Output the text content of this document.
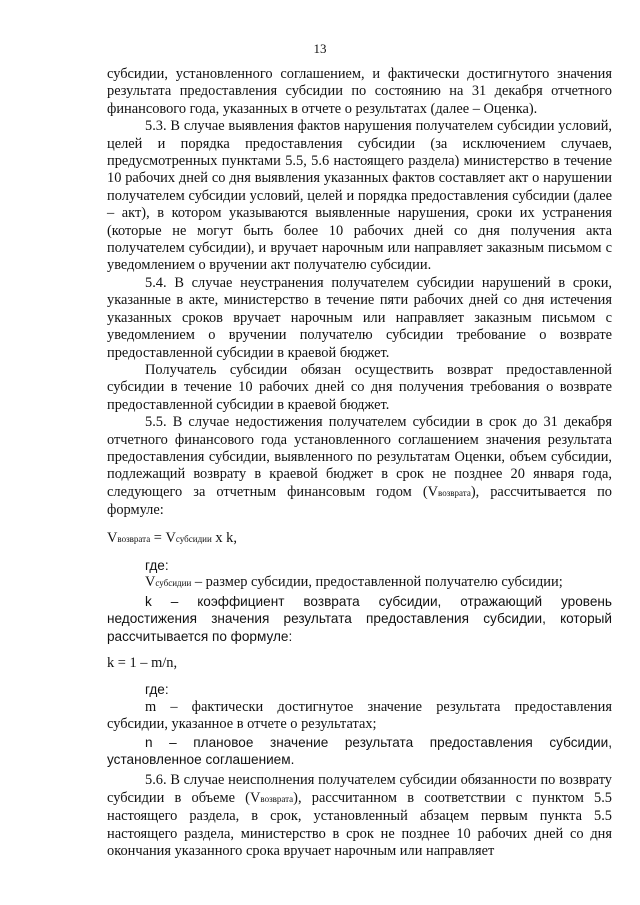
13

субсидии, установленного соглашением, и фактически достигнутого значения результата предоставления субсидии по состоянию на 31 декабря отчетного финансового года, указанных в отчете о результатах (далее – Оценка).

5.3. В случае выявления фактов нарушения получателем субсидии условий, целей и порядка предоставления субсидии (за исключением случаев, предусмотренных пунктами 5.5, 5.6 настоящего раздела) министерство в течение 10 рабочих дней со дня выявления указанных фактов составляет акт о нарушении получателем субсидии условий, целей и порядка предоставления субсидии (далее – акт), в котором указываются выявленные нарушения, сроки их устранения (которые не могут быть более 10 рабочих дней со дня получения акта получателем субсидии), и вручает нарочным или направляет заказным письмом с уведомлением о вручении акт получателю субсидии.

5.4. В случае неустранения получателем субсидии нарушений в сроки, указанные в акте, министерство в течение пяти рабочих дней со дня истечения указанных сроков вручает нарочным или направляет заказным письмом с уведомлением о вручении получателю субсидии требование о возврате предоставленной субсидии в краевой бюджет.

Получатель субсидии обязан осуществить возврат предоставленной субсидии в течение 10 рабочих дней со дня получения требования о возврате предоставленной субсидии в краевой бюджет.

5.5. В случае недостижения получателем субсидии в срок до 31 декабря отчетного финансового года установленного соглашением значения результата предоставления субсидии, выявленного по результатам Оценки, объем субсидии, подлежащий возврату в краевой бюджет в срок не позднее 20 января года, следующего за отчетным финансовым годом (Vвозврата), рассчитывается по формуле:

Vвозврата = Vсубсидии x k,

где:

Vсубсидии – размер субсидии, предоставленной получателю субсидии;

k – коэффициент возврата субсидии, отражающий уровень недостижения значения результата предоставления субсидии, который рассчитывается по формуле:

k = 1 – m/n,

где:

m – фактически достигнутое значение результата предоставления субсидии, указанное в отчете о результатах;

n – плановое значение результата предоставления субсидии, установленное соглашением.

5.6. В случае неисполнения получателем субсидии обязанности по возврату субсидии в объеме (Vвозврата), рассчитанном в соответствии с пунктом 5.5 настоящего раздела, в срок, установленный абзацем первым пункта 5.5 настоящего раздела, министерство в срок не позднее 10 рабочих дней со дня окончания указанного срока вручает нарочным или направляет
